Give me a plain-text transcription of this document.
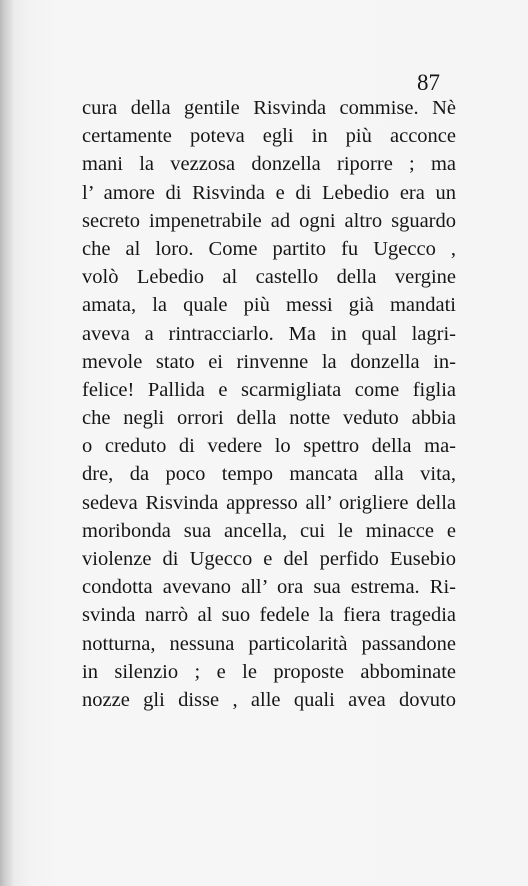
87
cura della gentile Risvinda commise. Nè
certamente poteva egli in più acconce
mani la vezzosa donzella riporre ; ma
l’ amore di Risvinda e di Lebedio era un
secreto impenetrabile ad ogni altro sguardo
che al loro. Come partito fu Ugecco ,
volò Lebedio al castello della vergine
amata, la quale più messi già mandati
aveva a rintracciarlo. Ma in qual lagri-
mevole stato ei rinvenne la donzella in-
felice! Pallida e scarmigliata come figlia
che negli orrori della notte veduto abbia
o creduto di vedere lo spettro della ma-
dre, da poco tempo mancata alla vita,
sedeva Risvinda appresso all’ origliere della
moribonda sua ancella, cui le minacce e
violenze di Ugecco e del perfido Eusebio
condotta avevano all’ ora sua estrema. Ri-
svinda narrò al suo fedele la fiera tragedia
notturna, nessuna particolarità passandone
in silenzio ; e le proposte abbominate
nozze gli disse , alle quali avea dovuto
